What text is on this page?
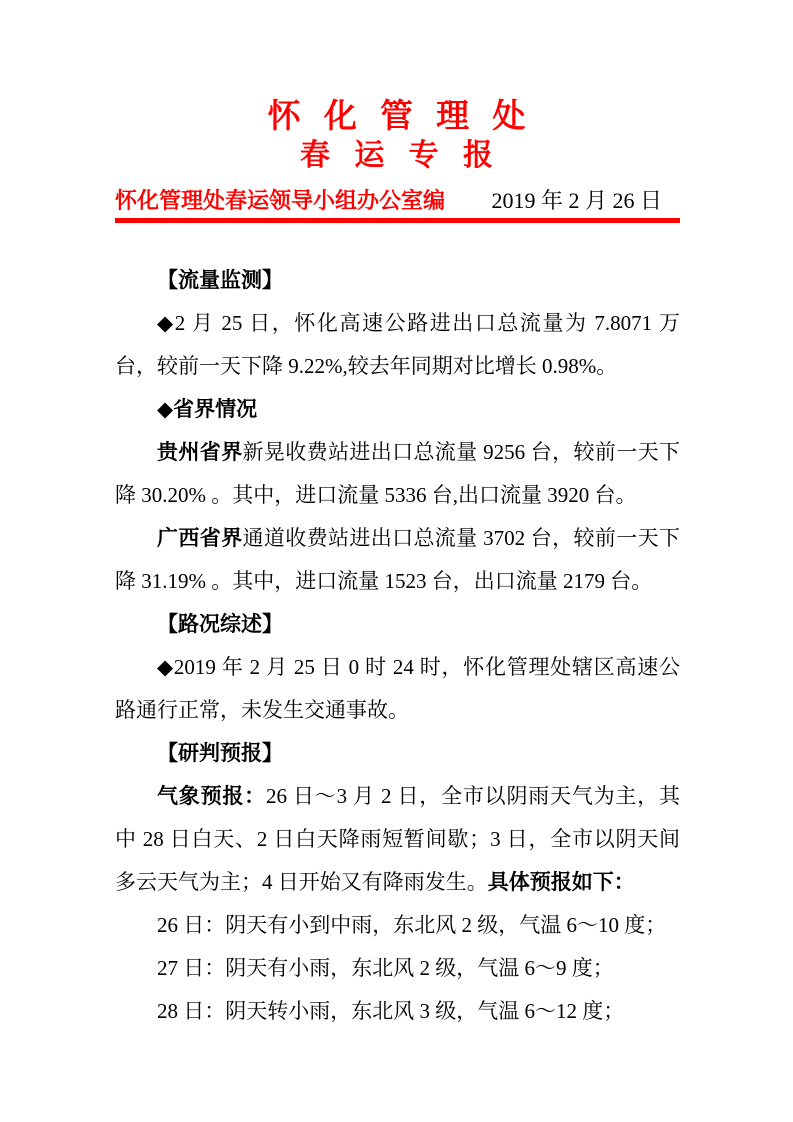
怀 化 管 理 处
春 运 专 报
怀化管理处春运领导小组办公室编 2019 年 2 月 26 日

【流量监测】

◆2 月 25 日，怀化高速公路进出口总流量为 7.8071 万台，较前一天下降 9.22%,较去年同期对比增长 0.98%。

◆省界情况

贵州省界新晃收费站进出口总流量 9256 台，较前一天下降 30.20% 。其中，进口流量 5336 台,出口流量 3920 台。

广西省界通道收费站进出口总流量 3702 台，较前一天下降 31.19% 。其中，进口流量 1523 台，出口流量 2179 台。

【路况综述】

◆2019 年 2 月 25 日 0 时 24 时，怀化管理处辖区高速公路通行正常，未发生交通事故。

【研判预报】

气象预报：26 日～3 月 2 日，全市以阴雨天气为主，其中 28 日白天、2 日白天降雨短暂间歇；3 日，全市以阴天间多云天气为主；4 日开始又有降雨发生。具体预报如下：

26 日：阴天有小到中雨，东北风 2 级，气温 6～10 度；

27 日：阴天有小雨，东北风 2 级，气温 6～9 度；

28 日：阴天转小雨，东北风 3 级，气温 6～12 度；
